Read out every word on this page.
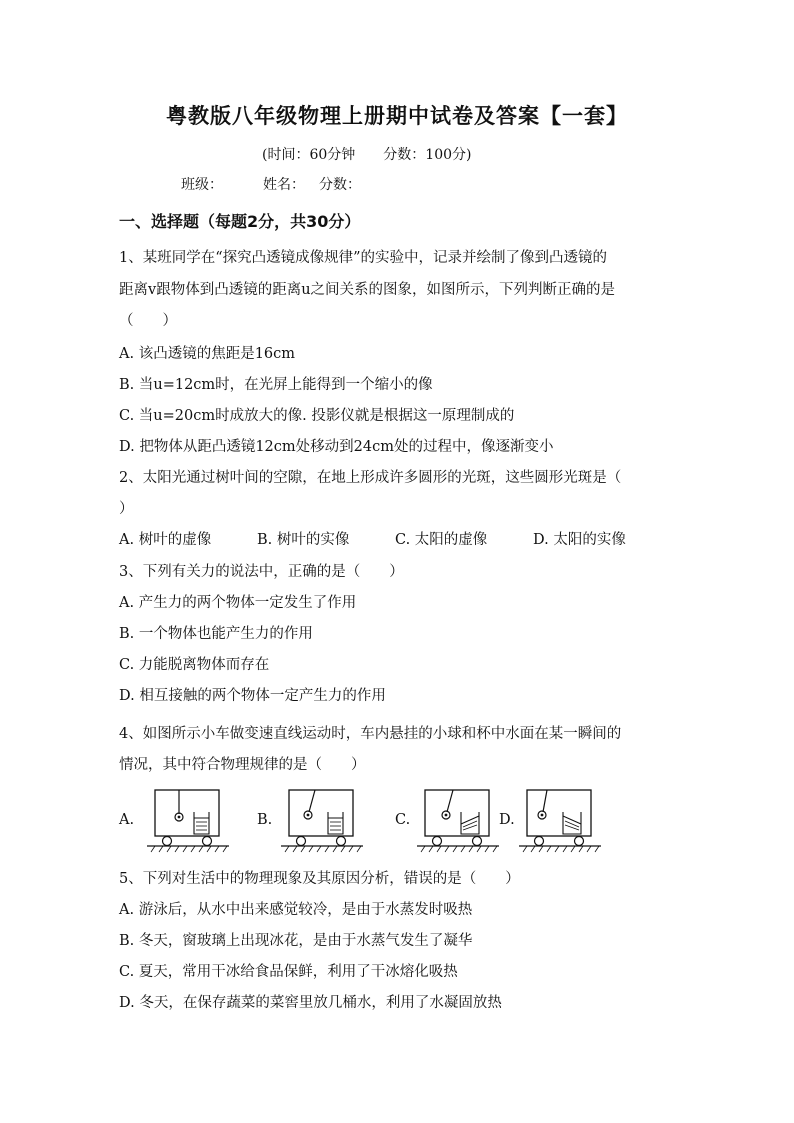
粤教版八年级物理上册期中试卷及答案【一套】
(时间：60分钟 分数：100分)
班级：	姓名： 分数：
一、选择题（每题2分，共30分）
1、某班同学在“探究凸透镜成像规律”的实验中，记录并绘制了像到凸透镜的
距离v跟物体到凸透镜的距离u之间关系的图象，如图所示，下列判断正确的是
（　　）
A. 该凸透镜的焦距是16cm
B. 当u=12cm时，在光屏上能得到一个缩小的像
C. 当u=20cm时成放大的像. 投影仪就是根据这一原理制成的
D. 把物体从距凸透镜12cm处移动到24cm处的过程中，像逐渐变小
2、太阳光通过树叶间的空隙，在地上形成许多圆形的光斑，这些圆形光斑是（
）
A. 树叶的虚像	B. 树叶的实像	C. 太阳的虚像	D. 太阳的实像
3、下列有关力的说法中，正确的是（　　）
A. 产生力的两个物体一定发生了作用
B. 一个物体也能产生力的作用
C. 力能脱离物体而存在
D. 相互接触的两个物体一定产生力的作用
4、如图所示小车做变速直线运动时，车内悬挂的小球和杯中水面在某一瞬间的
情况，其中符合物理规律的是（　　）
A.	B.	C.	D.
5、下列对生活中的物理现象及其原因分析，错误的是（　　）
A. 游泳后，从水中出来感觉较冷，是由于水蒸发时吸热
B. 冬天，窗玻璃上出现冰花，是由于水蒸气发生了凝华
C. 夏天，常用干冰给食品保鲜，利用了干冰熔化吸热
D. 冬天，在保存蔬菜的菜窖里放几桶水，利用了水凝固放热
